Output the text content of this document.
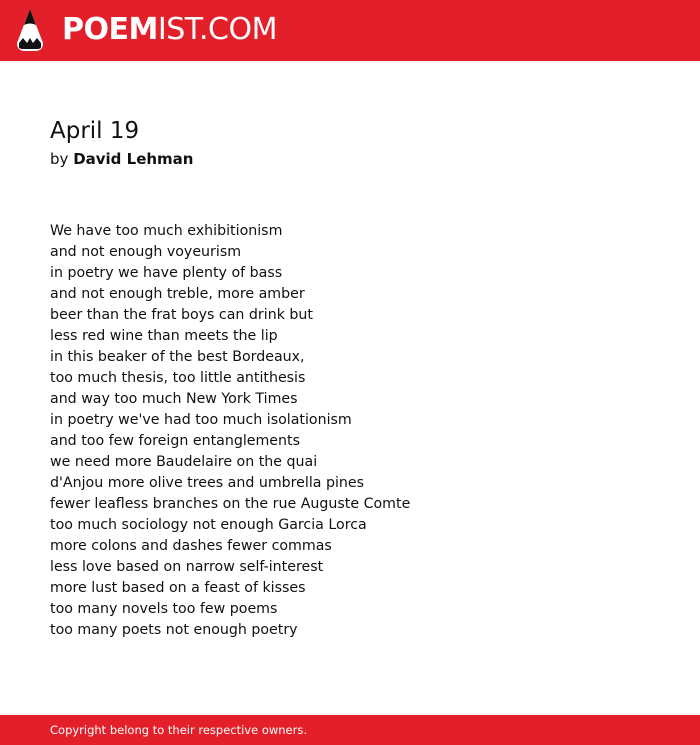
POEMIST.COM
April 19

by David Lehman

We have too much exhibitionism
and not enough voyeurism
in poetry we have plenty of bass
and not enough treble, more amber
beer than the frat boys can drink but
less red wine than meets the lip
in this beaker of the best Bordeaux,
too much thesis, too little antithesis
and way too much New York Times
in poetry we've had too much isolationism
and too few foreign entanglements
we need more Baudelaire on the quai
d'Anjou more olive trees and umbrella pines
fewer leafless branches on the rue Auguste Comte
too much sociology not enough Garcia Lorca
more colons and dashes fewer commas
less love based on narrow self-interest
more lust based on a feast of kisses
too many novels too few poems
too many poets not enough poetry
Copyright belong to their respective owners.
